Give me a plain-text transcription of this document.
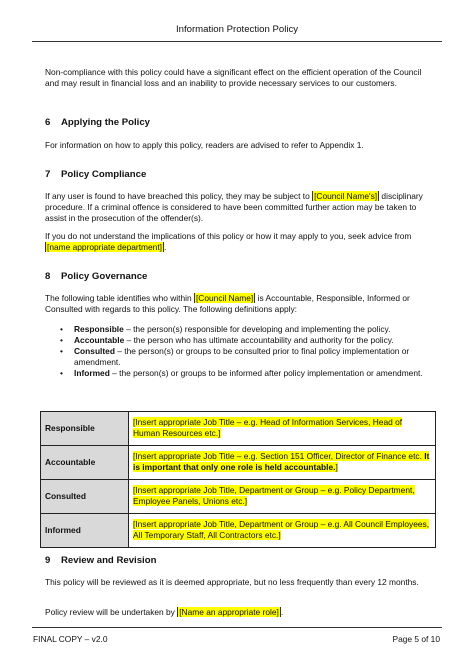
Information Protection Policy

Non-compliance with this policy could have a significant effect on the efficient operation of the Council and may result in financial loss and an inability to provide necessary services to our customers.

6 Applying the Policy

For information on how to apply this policy, readers are advised to refer to Appendix 1.

7 Policy Compliance

If any user is found to have breached this policy, they may be subject to [Council Name's] disciplinary procedure. If a criminal offence is considered to have been committed further action may be taken to assist in the prosecution of the offender(s).

If you do not understand the implications of this policy or how it may apply to you, seek advice from [name appropriate department] .

8 Policy Governance

The following table identifies who within [Council Name] is Accountable, Responsible, Informed or Consulted with regards to this policy. The following definitions apply:

• Responsible – the person(s) responsible for developing and implementing the policy.
• Accountable – the person who has ultimate accountability and authority for the policy.
• Consulted – the person(s) or groups to be consulted prior to final policy implementation or amendment.
• Informed – the person(s) or groups to be informed after policy implementation or amendment.
Responsible	[Insert appropriate Job Title – e.g. Head of Information Services, Head of Human Resources etc.]
Accountable	[Insert appropriate Job Title – e.g. Section 151 Officer, Director of Finance etc. It is important that only one role is held accountable.]
Consulted	[Insert appropriate Job Title, Department or Group – e.g. Policy Department, Employee Panels, Unions etc.]
Informed	[Insert appropriate Job Title, Department or Group – e.g. All Council Employees, All Temporary Staff, All Contractors etc.]
9 Review and Revision

This policy will be reviewed as it is deemed appropriate, but no less frequently than every 12 months.

Policy review will be undertaken by [Name an appropriate role] .

FINAL COPY – v2.0	Page 5 of 10
